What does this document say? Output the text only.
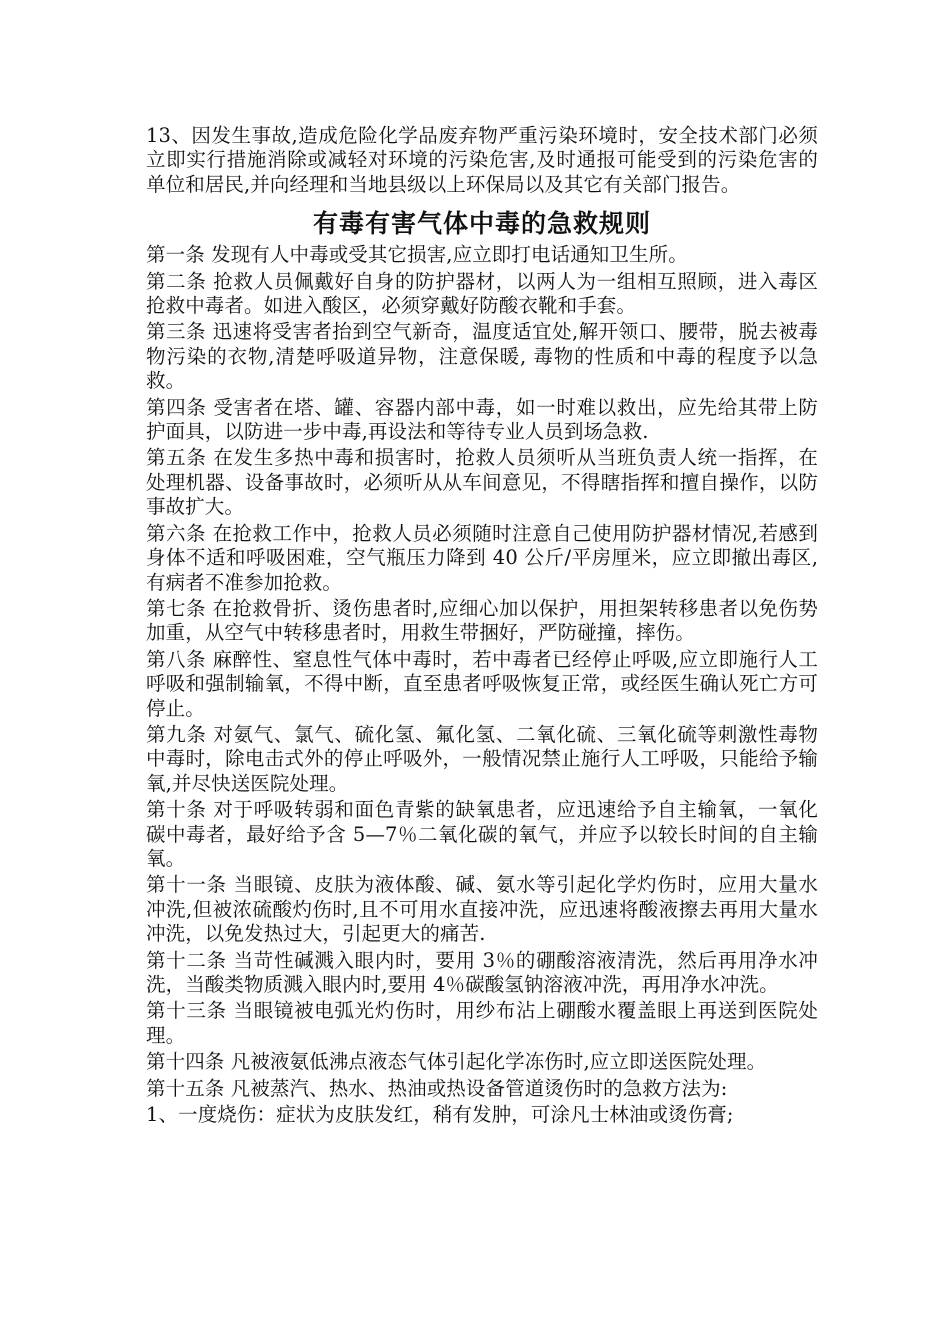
13、因发生事故,造成危险化学品废弃物严重污染环境时，安全技术部门必须立即实行措施消除或减轻对环境的污染危害,及时通报可能受到的污染危害的单位和居民,并向经理和当地县级以上环保局以及其它有关部门报告。

有毒有害气体中毒的急救规则

第一条 发现有人中毒或受其它损害,应立即打电话通知卫生所。

第二条 抢救人员佩戴好自身的防护器材，以两人为一组相互照顾，进入毒区抢救中毒者。如进入酸区，必须穿戴好防酸衣靴和手套。

第三条 迅速将受害者抬到空气新奇，温度适宜处,解开领口、腰带，脱去被毒物污染的衣物,清楚呼吸道异物，注意保暖, 毒物的性质和中毒的程度予以急救。

第四条 受害者在塔、罐、容器内部中毒，如一时难以救出，应先给其带上防护面具，以防进一步中毒,再设法和等待专业人员到场急救.

第五条 在发生多热中毒和损害时，抢救人员须听从当班负责人统一指挥，在处理机器、设备事故时，必须听从从车间意见，不得瞎指挥和擅自操作，以防事故扩大。

第六条 在抢救工作中，抢救人员必须随时注意自己使用防护器材情况,若感到身体不适和呼吸困难，空气瓶压力降到 40 公斤/平房厘米，应立即撤出毒区,有病者不准参加抢救。

第七条 在抢救骨折、烫伤患者时,应细心加以保护，用担架转移患者以免伤势加重，从空气中转移患者时，用救生带捆好，严防碰撞，摔伤。

第八条 麻醉性、窒息性气体中毒时，若中毒者已经停止呼吸,应立即施行人工呼吸和强制输氧，不得中断，直至患者呼吸恢复正常，或经医生确认死亡方可停止。

第九条 对氨气、氯气、硫化氢、氟化氢、二氧化硫、三氧化硫等刺激性毒物中毒时，除电击式外的停止呼吸外，一般情况禁止施行人工呼吸，只能给予输氧,并尽快送医院处理。

第十条 对于呼吸转弱和面色青紫的缺氧患者，应迅速给予自主输氧，一氧化碳中毒者，最好给予含 5—7％二氧化碳的氧气，并应予以较长时间的自主输氧。

第十一条 当眼镜、皮肤为液体酸、碱、氨水等引起化学灼伤时，应用大量水冲洗,但被浓硫酸灼伤时,且不可用水直接冲洗，应迅速将酸液擦去再用大量水冲洗，以免发热过大，引起更大的痛苦.

第十二条 当苛性碱溅入眼内时，要用 3％的硼酸溶液清洗，然后再用净水冲洗，当酸类物质溅入眼内时,要用 4％碳酸氢钠溶液冲洗，再用净水冲洗。

第十三条 当眼镜被电弧光灼伤时，用纱布沾上硼酸水覆盖眼上再送到医院处理。

第十四条 凡被液氨低沸点液态气体引起化学冻伤时,应立即送医院处理。

第十五条 凡被蒸汽、热水、热油或热设备管道烫伤时的急救方法为:

1、一度烧伤：症状为皮肤发红，稍有发肿，可涂凡士林油或烫伤膏;
